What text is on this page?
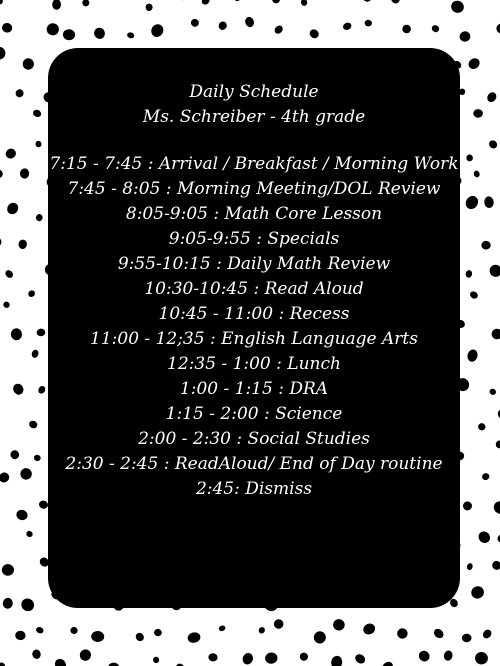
Daily Schedule
Ms. Schreiber - 4th grade
7:15 - 7:45 : Arrival / Breakfast / Morning Work
7:45 - 8:05 : Morning Meeting/DOL Review
8:05-9:05 : Math Core Lesson
9:05-9:55 : Specials
9:55-10:15 : Daily Math Review
10:30-10:45 : Read Aloud
10:45 - 11:00 : Recess
11:00 - 12;35 : English Language Arts
12:35 - 1:00 : Lunch
1:00 - 1:15 : DRA
1:15 - 2:00 : Science
2:00 - 2:30 : Social Studies
2:30 - 2:45 : ReadAloud/ End of Day routine
2:45: Dismiss
